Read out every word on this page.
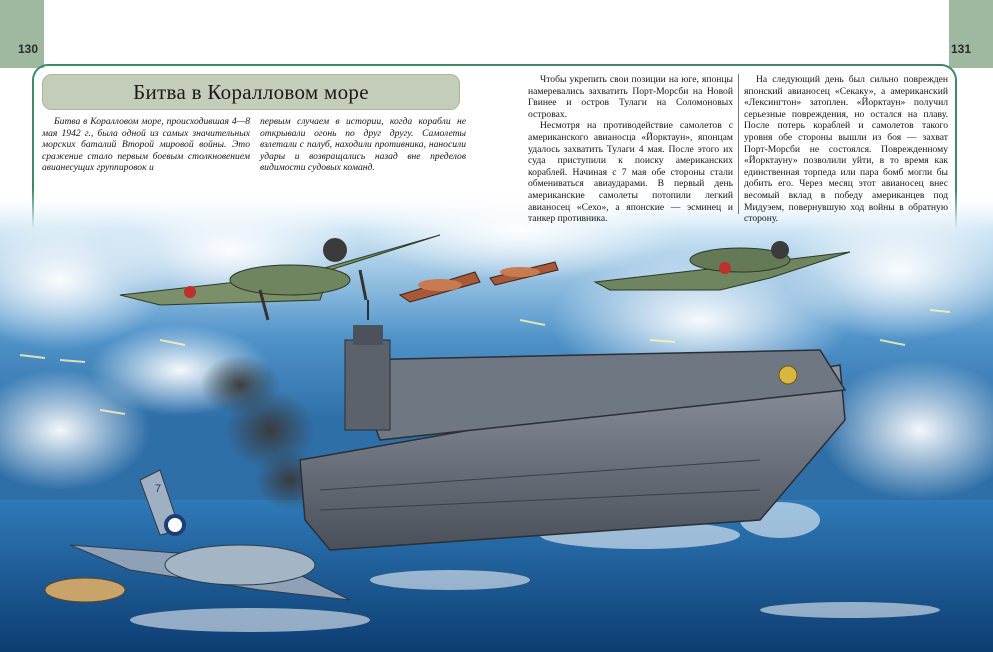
130	131
7
Битва в Коралловом море

Битва в Коралловом море, происходившая 4—8 мая 1942 г., была одной из самых значительных морских баталий Второй мировой войны. Это сражение стало первым боевым столкновением авианесущих группировок и

первым случаем в истории, когда корабли не открывали огонь по друг другу. Самолеты взлетали с палуб, находили противника, наносили удары и возвращались назад вне пределов видимости судовых команд.

Чтобы укрепить свои позиции на юге, японцы намеревались захватить Порт-Морсби на Новой Гвинее и остров Тулаги на Соломоновых островах.

Несмотря на противодействие самолетов с американского авианосца «Йорктаун», японцам удалось захватить Тулаги 4 мая. После этого их суда приступили к поиску американских кораблей. Начиная с 7 мая обе стороны стали обмениваться авиаударами. В первый день американские самолеты потопили легкий авианосец «Сехо», а японские — эсминец и танкер противника.

На следующий день был сильно поврежден японский авианосец «Секаку», а американский «Лексингтон» затоплен. «Йорктаун» получил серьезные повреждения, но остался на плаву. После потерь кораблей и самолетов такого уровня обе стороны вышли из боя — захват Порт-Морсби не состоялся. Поврежденному «Йорктауну» позволили уйти, в то время как единственная торпеда или пара бомб могли бы добить его. Через месяц этот авианосец внес весомый вклад в победу американцев под Мидуэем, повернувшую ход войны в обратную сторону.
